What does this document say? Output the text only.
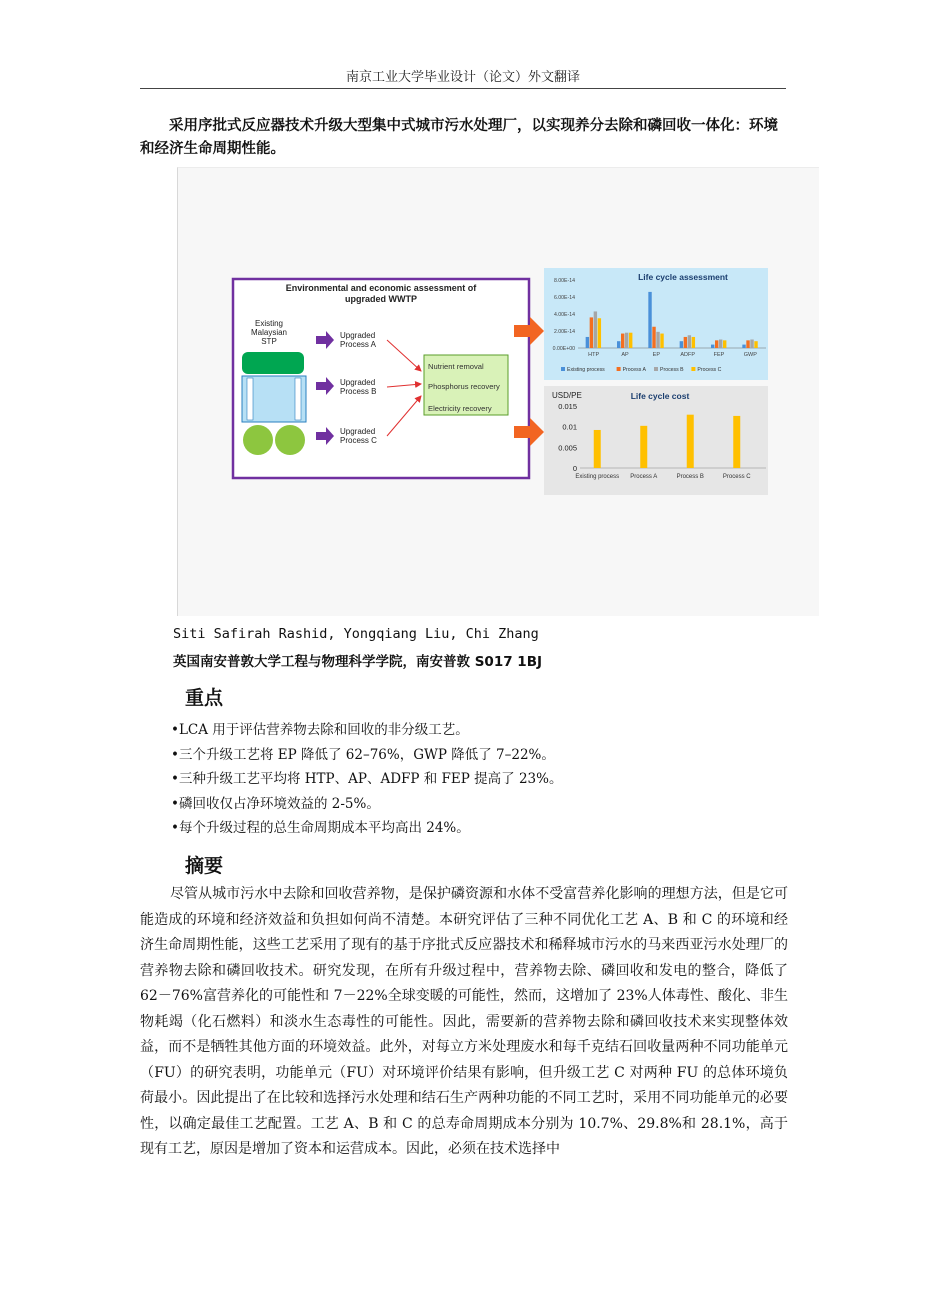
南京工业大学毕业设计（论文）外文翻译
采用序批式反应器技术升级大型集中式城市污水处理厂，以实现养分去除和磷回收一体化：环境和经济生命周期性能。
Environmental and economic assessment of upgraded WWTP
Existing Malaysian STP
Upgraded Process A
Upgraded Process B
Upgraded Process C
Nutrient removal Phosphorus recovery Electricity recovery
Life cycle assessment
0.00E+00
2.00E-14
4.00E-14
6.00E-14
8.00E-14
HTP	AP	EP	ADFP	FEP	GWP
Existing process	Process A	Process B	Process C
Life cycle cost
USD/PE
0
0.005
0.01
0.015
Existing process Process A	Process B	Process C
Siti Safirah Rashid, Yongqiang Liu, Chi Zhang
英国南安普敦大学工程与物理科学学院，南安普敦 S017 1BJ
重点
•LCA 用于评估营养物去除和回收的非分级工艺。
•三个升级工艺将 EP 降低了 62–76%，GWP 降低了 7–22%。
•三种升级工艺平均将 HTP、AP、ADFP 和 FEP 提高了 23%。
•磷回收仅占净环境效益的 2-5%。
•每个升级过程的总生命周期成本平均高出 24%。
摘要

尽管从城市污水中去除和回收营养物，是保护磷资源和水体不受富营养化影响的理想方法，但是它可能造成的环境和经济效益和负担如何尚不清楚。本研究评估了三种不同优化工艺 A、B 和 C 的环境和经济生命周期性能，这些工艺采用了现有的基于序批式反应器技术和稀释城市污水的马来西亚污水处理厂的营养物去除和磷回收技术。研究发现，在所有升级过程中，营养物去除、磷回收和发电的整合，降低了 62－76%富营养化的可能性和 7－22%全球变暖的可能性，然而，这增加了 23%人体毒性、酸化、非生物耗竭（化石燃料）和淡水生态毒性的可能性。因此，需要新的营养物去除和磷回收技术来实现整体效益，而不是牺牲其他方面的环境效益。此外，对每立方米处理废水和每千克结石回收量两种不同功能单元（FU）的研究表明，功能单元（FU）对环境评价结果有影响，但升级工艺 C 对两种 FU 的总体环境负荷最小。因此提出了在比较和选择污水处理和结石生产两种功能的不同工艺时，采用不同功能单元的必要性，以确定最佳工艺配置。工艺 A、B 和 C 的总寿命周期成本分别为 10.7%、29.8%和 28.1%，高于现有工艺，原因是增加了资本和运营成本。因此，必须在技术选择中
